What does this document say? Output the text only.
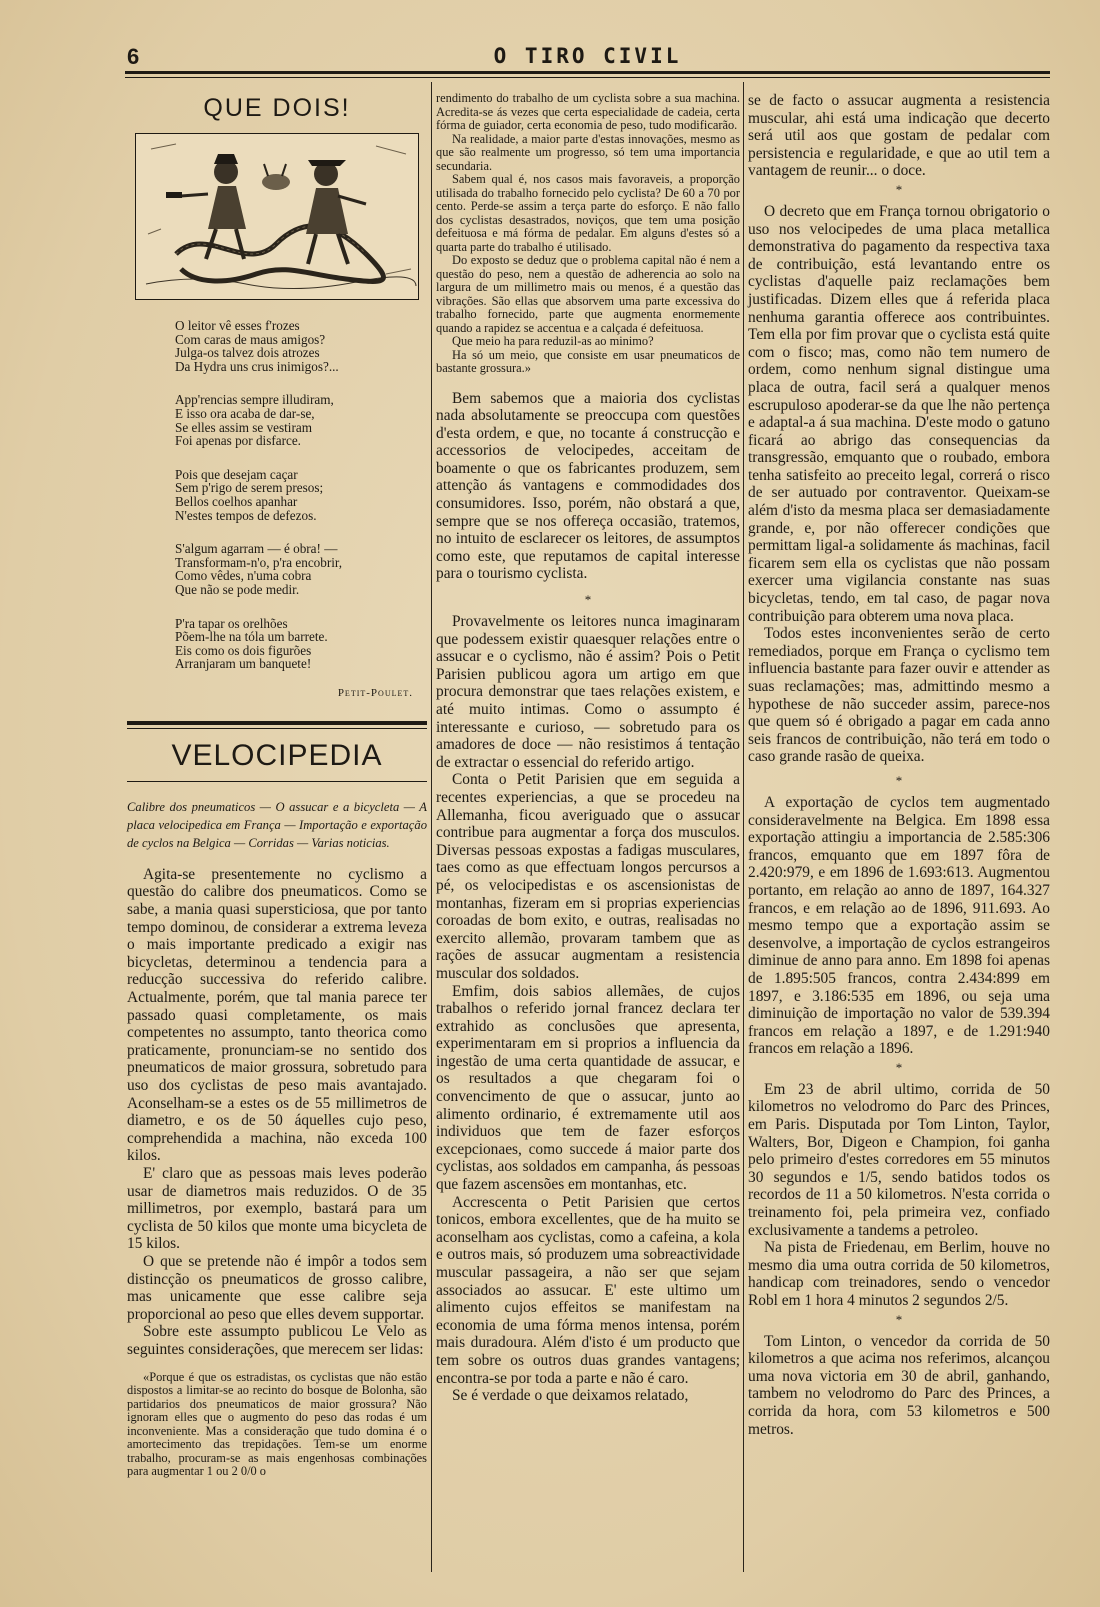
6	O TIRO CIVIL
QUE DOIS!
O leitor vê esses f'rozes
Com caras de maus amigos?
Julga-os talvez dois atrozes
Da Hydra uns crus inimigos?...
App'rencias sempre illudiram,
E isso ora acaba de dar-se,
Se elles assim se vestiram
Foi apenas por disfarce.
Pois que desejam caçar
Sem p'rigo de serem presos;
Bellos coelhos apanhar
N'estes tempos de defezos.
S'algum agarram — é obra! —
Transformam-n'o, p'ra encobrir,
Como vêdes, n'uma cobra
Que não se pode medir.
P'ra tapar os orelhões
Põem-lhe na tóla um barrete.
Eis como os dois figurões
Arranjaram um banquete!
Petit-Poulet.
VELOCIPEDIA
Calibre dos pneumaticos — O assucar e a bicycleta — A placa velocipedica em França — Importação e exportação de cyclos na Belgica — Corridas — Varias noticias.

Agita-se presentemente no cyclismo a questão do calibre dos pneumaticos. Como se sabe, a mania quasi supersticiosa, que por tanto tempo dominou, de considerar a extrema leveza o mais importante predicado a exigir nas bicycletas, determinou a tendencia para a reducção successiva do referido calibre. Actualmente, porém, que tal mania parece ter passado quasi completamente, os mais competentes no assumpto, tanto theorica como praticamente, pronunciam-se no sentido dos pneumaticos de maior grossura, sobretudo para uso dos cyclistas de peso mais avantajado. Aconselham-se a estes os de 55 millimetros de diametro, e os de 50 áquelles cujo peso, comprehendida a machina, não exceda 100 kilos.

E' claro que as pessoas mais leves poderão usar de diametros mais reduzidos. O de 35 millimetros, por exemplo, bastará para um cyclista de 50 kilos que monte uma bicycleta de 15 kilos.

O que se pretende não é impôr a todos sem distincção os pneumaticos de grosso calibre, mas unicamente que esse calibre seja proporcional ao peso que elles devem supportar.

Sobre este assumpto publicou Le Velo as seguintes considerações, que merecem ser lidas:

«Porque é que os estradistas, os cyclistas que não estão dispostos a limitar-se ao recinto do bosque de Bolonha, são partidarios dos pneumaticos de maior grossura? Não ignoram elles que o augmento do peso das rodas é um inconveniente. Mas a consideração que tudo domina é o amortecimento das trepidações. Tem-se um enorme trabalho, procuram-se as mais engenhosas combinações para augmentar 1 ou 2 0/0 o

rendimento do trabalho de um cyclista sobre a sua machina. Acredita-se ás vezes que certa especialidade de cadeia, certa fórma de guiador, certa economia de peso, tudo modificarão.

Na realidade, a maior parte d'estas innovações, mesmo as que são realmente um progresso, só tem uma importancia secundaria.

Sabem qual é, nos casos mais favoraveis, a proporção utilisada do trabalho fornecido pelo cyclista? De 60 a 70 por cento. Perde-se assim a terça parte do esforço. E não fallo dos cyclistas desastrados, noviços, que tem uma posição defeituosa e má fórma de pedalar. Em alguns d'estes só a quarta parte do trabalho é utilisado.

Do exposto se deduz que o problema capital não é nem a questão do peso, nem a questão de adherencia ao solo na largura de um millimetro mais ou menos, é a questão das vibrações. São ellas que absorvem uma parte excessiva do trabalho fornecido, parte que augmenta enormemente quando a rapidez se accentua e a calçada é defeituosa.

Que meio ha para reduzil-as ao minimo?

Ha só um meio, que consiste em usar pneumaticos de bastante grossura.»

Bem sabemos que a maioria dos cyclistas nada absolutamente se preoccupa com questões d'esta ordem, e que, no tocante á construcção e accessorios de velocipedes, acceitam de boamente o que os fabricantes produzem, sem attenção ás vantagens e commodidades dos consumidores. Isso, porém, não obstará a que, sempre que se nos offereça occasião, tratemos, no intuito de esclarecer os leitores, de assumptos como este, que reputamos de capital interesse para o tourismo cyclista.

*

Provavelmente os leitores nunca imaginaram que podessem existir quaesquer relações entre o assucar e o cyclismo, não é assim? Pois o Petit Parisien publicou agora um artigo em que procura demonstrar que taes relações existem, e até muito intimas. Como o assumpto é interessante e curioso, — sobretudo para os amadores de doce — não resistimos á tentação de extractar o essencial do referido artigo.

Conta o Petit Parisien que em seguida a recentes experiencias, a que se procedeu na Allemanha, ficou averiguado que o assucar contribue para augmentar a força dos musculos. Diversas pessoas expostas a fadigas musculares, taes como as que effectuam longos percursos a pé, os velocipedistas e os ascensionistas de montanhas, fizeram em si proprias experiencias coroadas de bom exito, e outras, realisadas no exercito allemão, provaram tambem que as rações de assucar augmentam a resistencia muscular dos soldados.

Emfim, dois sabios allemães, de cujos trabalhos o referido jornal francez declara ter extrahido as conclusões que apresenta, experimentaram em si proprios a influencia da ingestão de uma certa quantidade de assucar, e os resultados a que chegaram foi o convencimento de que o assucar, junto ao alimento ordinario, é extremamente util aos individuos que tem de fazer esforços excepcionaes, como succede á maior parte dos cyclistas, aos soldados em campanha, ás pessoas que fazem ascensões em montanhas, etc.

Accrescenta o Petit Parisien que certos tonicos, embora excellentes, que de ha muito se aconselham aos cyclistas, como a cafeina, a kola e outros mais, só produzem uma sobreactividade muscular passageira, a não ser que sejam associados ao assucar. E' este ultimo um alimento cujos effeitos se manifestam na economia de uma fórma menos intensa, porém mais duradoura. Além d'isto é um producto que tem sobre os outros duas grandes vantagens; encontra-se por toda a parte e não é caro.

Se é verdade o que deixamos relatado,

se de facto o assucar augmenta a resistencia muscular, ahi está uma indicação que decerto será util aos que gostam de pedalar com persistencia e regularidade, e que ao util tem a vantagem de reunir... o doce.

*

O decreto que em França tornou obrigatorio o uso nos velocipedes de uma placa metallica demonstrativa do pagamento da respectiva taxa de contribuição, está levantando entre os cyclistas d'aquelle paiz reclamações bem justificadas. Dizem elles que á referida placa nenhuma garantia offerece aos contribuintes. Tem ella por fim provar que o cyclista está quite com o fisco; mas, como não tem numero de ordem, como nenhum signal distingue uma placa de outra, facil será a qualquer menos escrupuloso apoderar-se da que lhe não pertença e adaptal-a á sua machina. D'este modo o gatuno ficará ao abrigo das consequencias da transgressão, emquanto que o roubado, embora tenha satisfeito ao preceito legal, correrá o risco de ser autuado por contraventor. Queixam-se além d'isto da mesma placa ser demasiadamente grande, e, por não offerecer condições que permittam ligal-a solidamente ás machinas, facil ficarem sem ella os cyclistas que não possam exercer uma vigilancia constante nas suas bicycletas, tendo, em tal caso, de pagar nova contribuição para obterem uma nova placa.

Todos estes inconvenientes serão de certo remediados, porque em França o cyclismo tem influencia bastante para fazer ouvir e attender as suas reclamações; mas, admittindo mesmo a hypothese de não succeder assim, parece-nos que quem só é obrigado a pagar em cada anno seis francos de contribuição, não terá em todo o caso grande rasão de queixa.

*

A exportação de cyclos tem augmentado consideravelmente na Belgica. Em 1898 essa exportação attingiu a importancia de 2.585:306 francos, emquanto que em 1897 fôra de 2.420:979, e em 1896 de 1.693:613. Augmentou portanto, em relação ao anno de 1897, 164.327 francos, e em relação ao de 1896, 911.693. Ao mesmo tempo que a exportação assim se desenvolve, a importação de cyclos estrangeiros diminue de anno para anno. Em 1898 foi apenas de 1.895:505 francos, contra 2.434:899 em 1897, e 3.186:535 em 1896, ou seja uma diminuição de importação no valor de 539.394 francos em relação a 1897, e de 1.291:940 francos em relação a 1896.

*

Em 23 de abril ultimo, corrida de 50 kilometros no velodromo do Parc des Princes, em Paris. Disputada por Tom Linton, Taylor, Walters, Bor, Digeon e Champion, foi ganha pelo primeiro d'estes corredores em 55 minutos 30 segundos e 1/5, sendo batidos todos os recordos de 11 a 50 kilometros. N'esta corrida o treinamento foi, pela primeira vez, confiado exclusivamente a tandems a petroleo.

Na pista de Friedenau, em Berlim, houve no mesmo dia uma outra corrida de 50 kilometros, handicap com treinadores, sendo o vencedor Robl em 1 hora 4 minutos 2 segundos 2/5.

*

Tom Linton, o vencedor da corrida de 50 kilometros a que acima nos referimos, alcançou uma nova victoria em 30 de abril, ganhando, tambem no velodromo do Parc des Princes, a corrida da hora, com 53 kilometros e 500 metros.
